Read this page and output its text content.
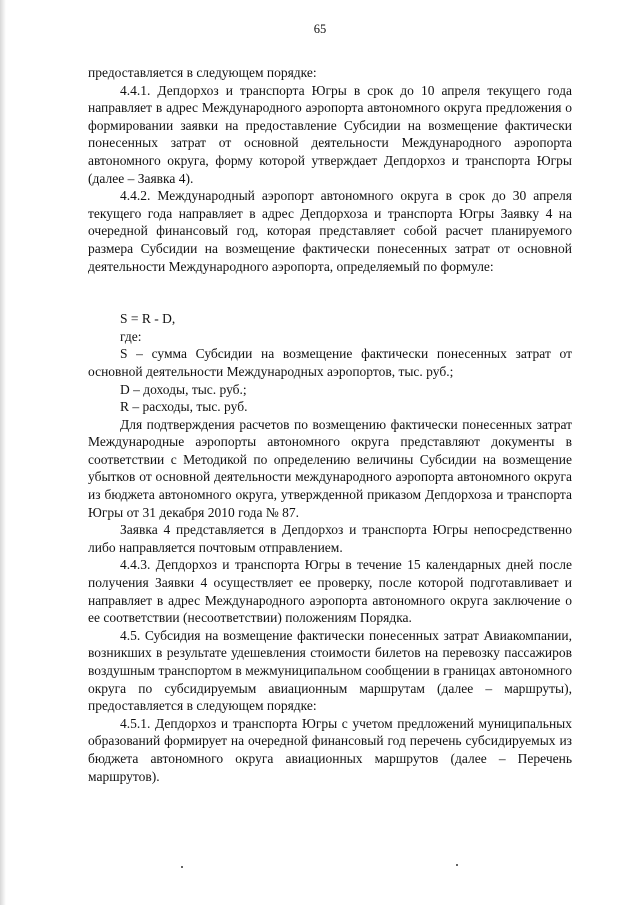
65

предоставляется в следующем порядке:

4.4.1. Депдорхоз и транспорта Югры в срок до 10 апреля текущего года направляет в адрес Международного аэропорта автономного округа предложения о формировании заявки на предоставление Субсидии на возмещение фактически понесенных затрат от основной деятельности Международного аэропорта автономного округа, форму которой утверждает Депдорхоз и транспорта Югры (далее – Заявка 4).

4.4.2. Международный аэропорт автономного округа в срок до 30 апреля текущего года направляет в адрес Депдорхоза и транспорта Югры Заявку 4 на очередной финансовый год, которая представляет собой расчет планируемого размера Субсидии на возмещение фактически понесенных затрат от основной деятельности Международного аэропорта, определяемый по формуле:

S = R - D,

где:

S – сумма Субсидии на возмещение фактически понесенных затрат от основной деятельности Международных аэропортов, тыс. руб.;

D – доходы, тыс. руб.;

R – расходы, тыс. руб.

Для подтверждения расчетов по возмещению фактически понесенных затрат Международные аэропорты автономного округа представляют документы в соответствии с Методикой по определению величины Субсидии на возмещение убытков от основной деятельности международного аэропорта автономного округа из бюджета автономного округа, утвержденной приказом Депдорхоза и транспорта Югры от 31 декабря 2010 года № 87.

Заявка 4 представляется в Депдорхоз и транспорта Югры непосредственно либо направляется почтовым отправлением.

4.4.3. Депдорхоз и транспорта Югры в течение 15 календарных дней после получения Заявки 4 осуществляет ее проверку, после которой подготавливает и направляет в адрес Международного аэропорта автономного округа заключение о ее соответствии (несоответствии) положениям Порядка.

4.5. Субсидия на возмещение фактически понесенных затрат Авиакомпании, возникших в результате удешевления стоимости билетов на перевозку пассажиров воздушным транспортом в межмуниципальном сообщении в границах автономного округа по субсидируемым авиационным маршрутам (далее – маршруты), предоставляется в следующем порядке:

4.5.1. Депдорхоз и транспорта Югры с учетом предложений муниципальных образований формирует на очередной финансовый год перечень субсидируемых из бюджета автономного округа авиационных маршрутов (далее – Перечень маршрутов).
